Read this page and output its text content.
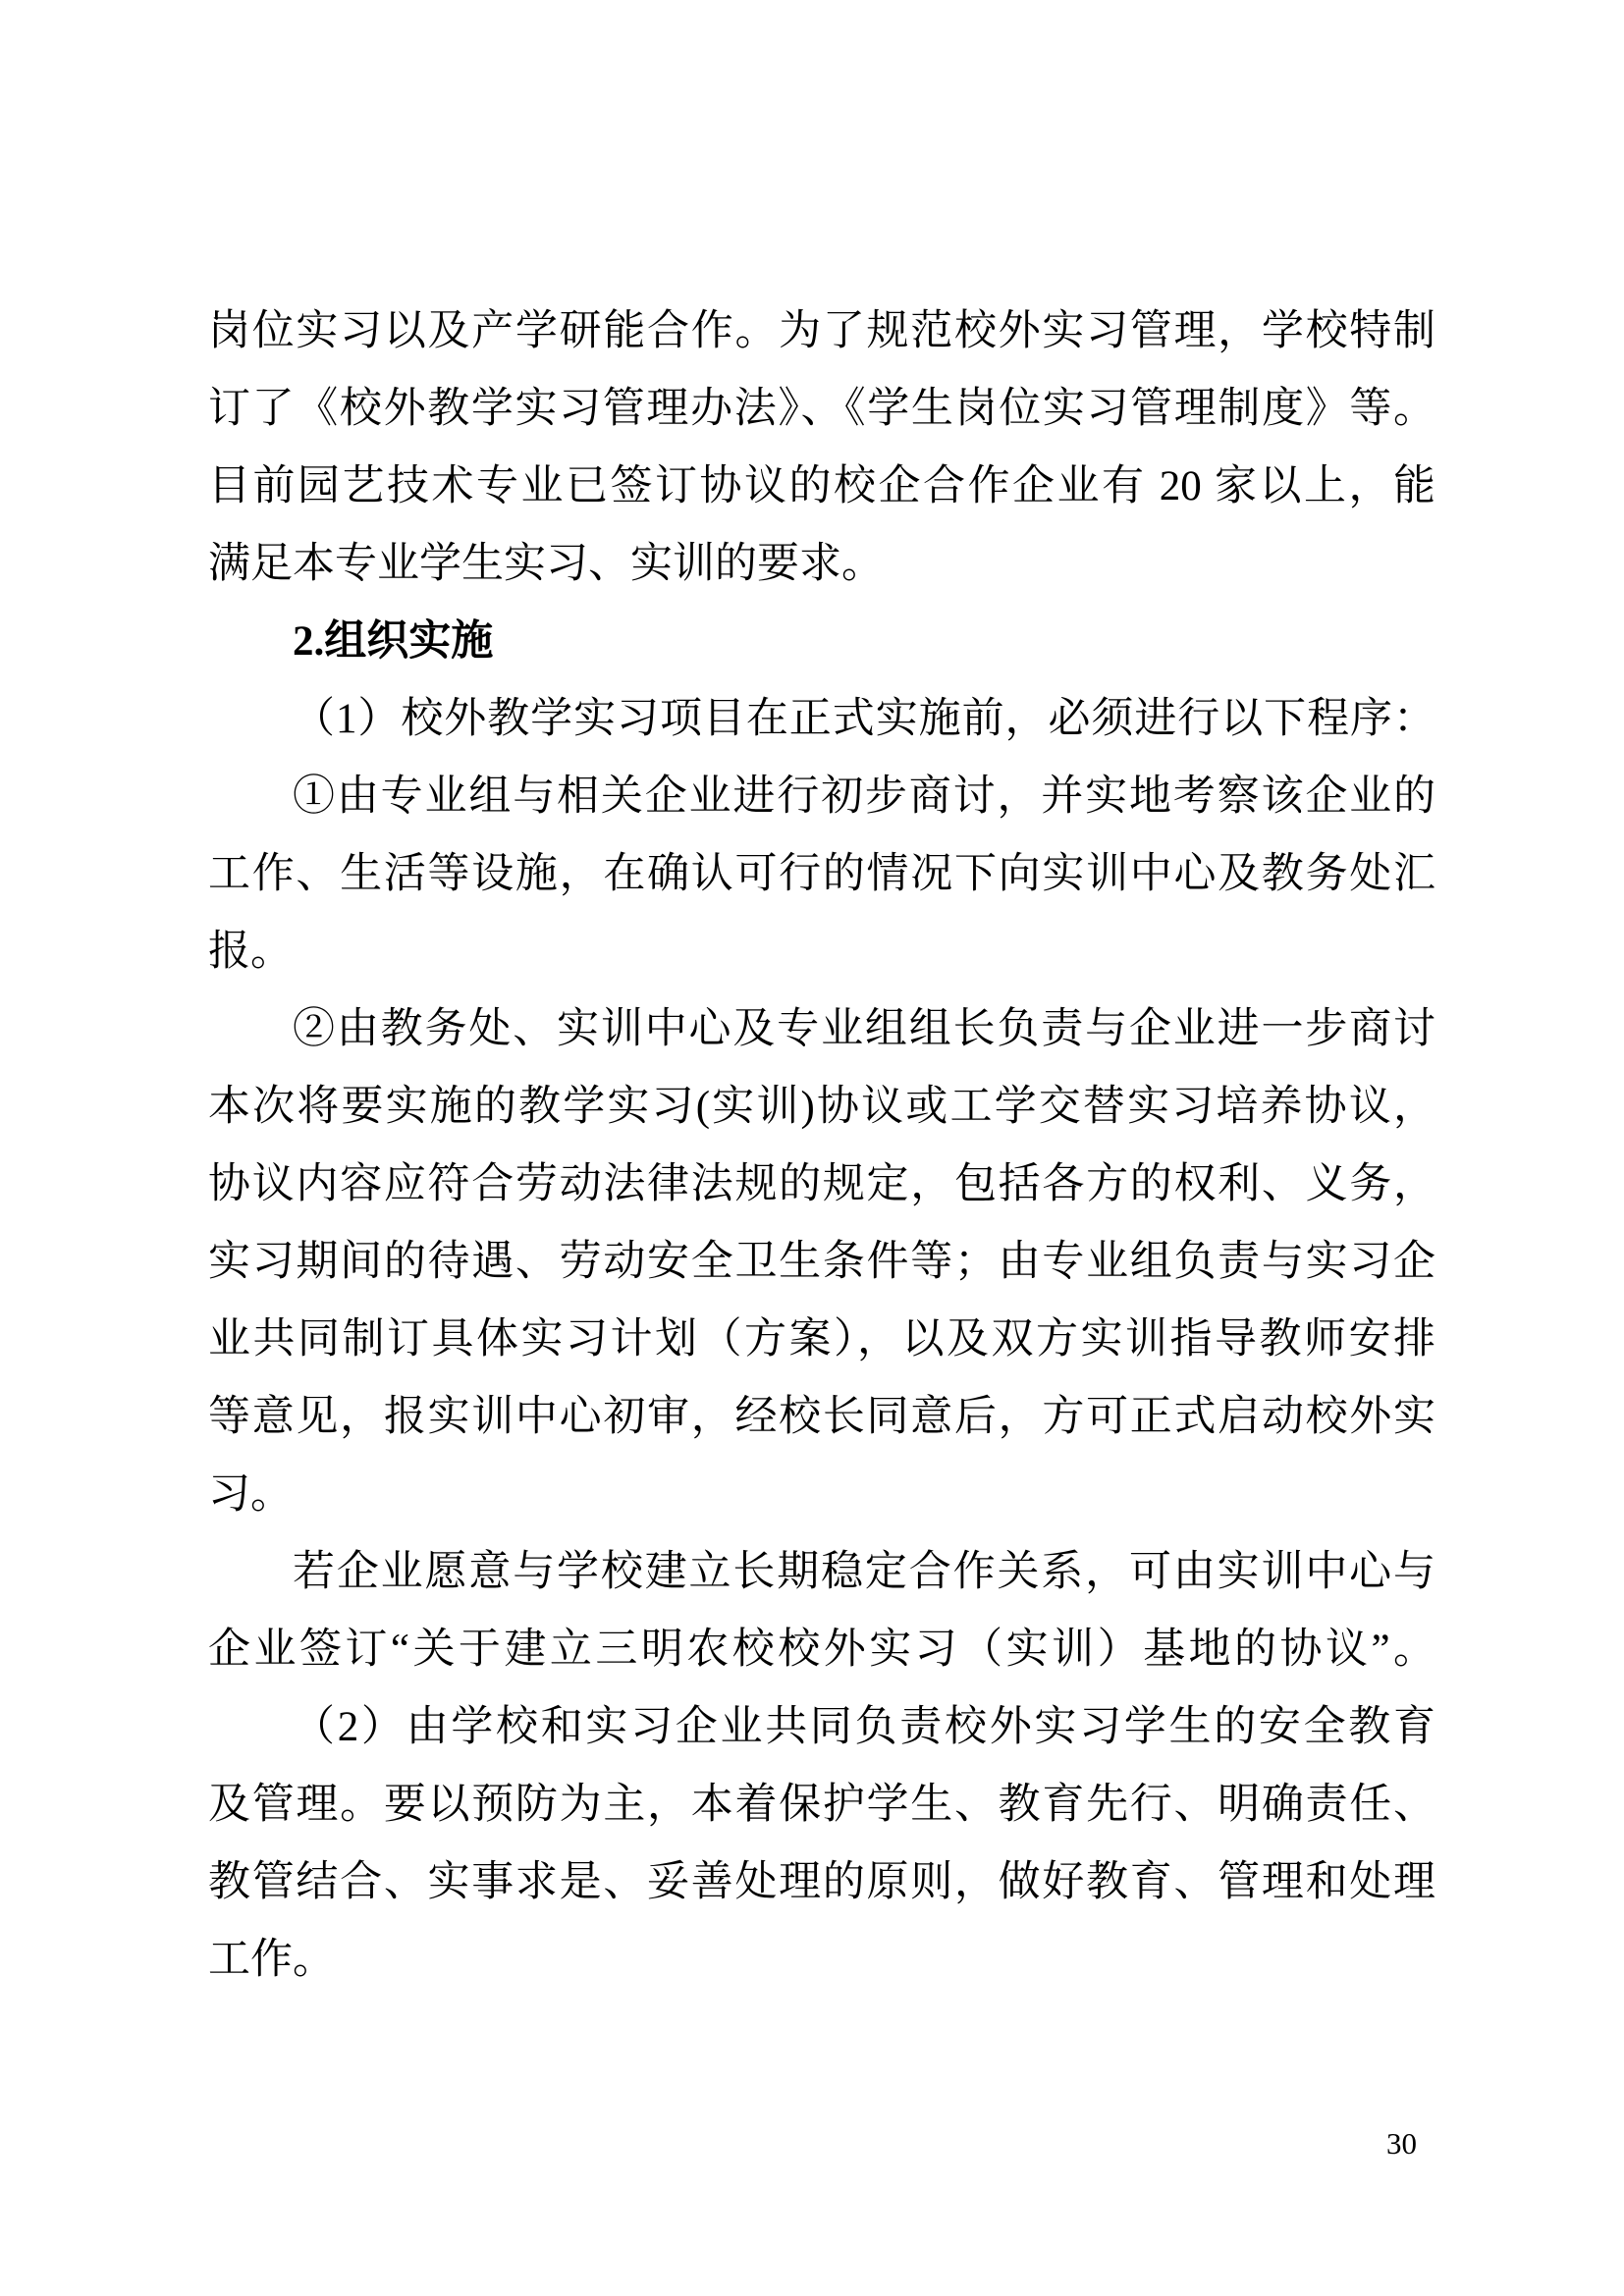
岗位实习以及产学研能合作。为了规范校外实习管理，学校特制
订了《校外教学实习管理办法》、《学生岗位实习管理制度》等。
目前园艺技术专业已签订协议的校企合作企业有 20 家以上，能
满足本专业学生实习、实训的要求。
2.组织实施
（1）校外教学实习项目在正式实施前，必须进行以下程序：
①由专业组与相关企业进行初步商讨，并实地考察该企业的
工作、生活等设施，在确认可行的情况下向实训中心及教务处汇
报。
②由教务处、实训中心及专业组组长负责与企业进一步商讨
本次将要实施的教学实习(实训)协议或工学交替实习培养协议，
协议内容应符合劳动法律法规的规定，包括各方的权利、义务，
实习期间的待遇、劳动安全卫生条件等；由专业组负责与实习企
业共同制订具体实习计划（方案），以及双方实训指导教师安排
等意见，报实训中心初审，经校长同意后，方可正式启动校外实
习。
若企业愿意与学校建立长期稳定合作关系，可由实训中心与
企业签订“关于建立三明农校校外实习（实训）基地的协议”。
（2）由学校和实习企业共同负责校外实习学生的安全教育
及管理。要以预防为主，本着保护学生、教育先行、明确责任、
教管结合、实事求是、妥善处理的原则，做好教育、管理和处理
工作。
30
